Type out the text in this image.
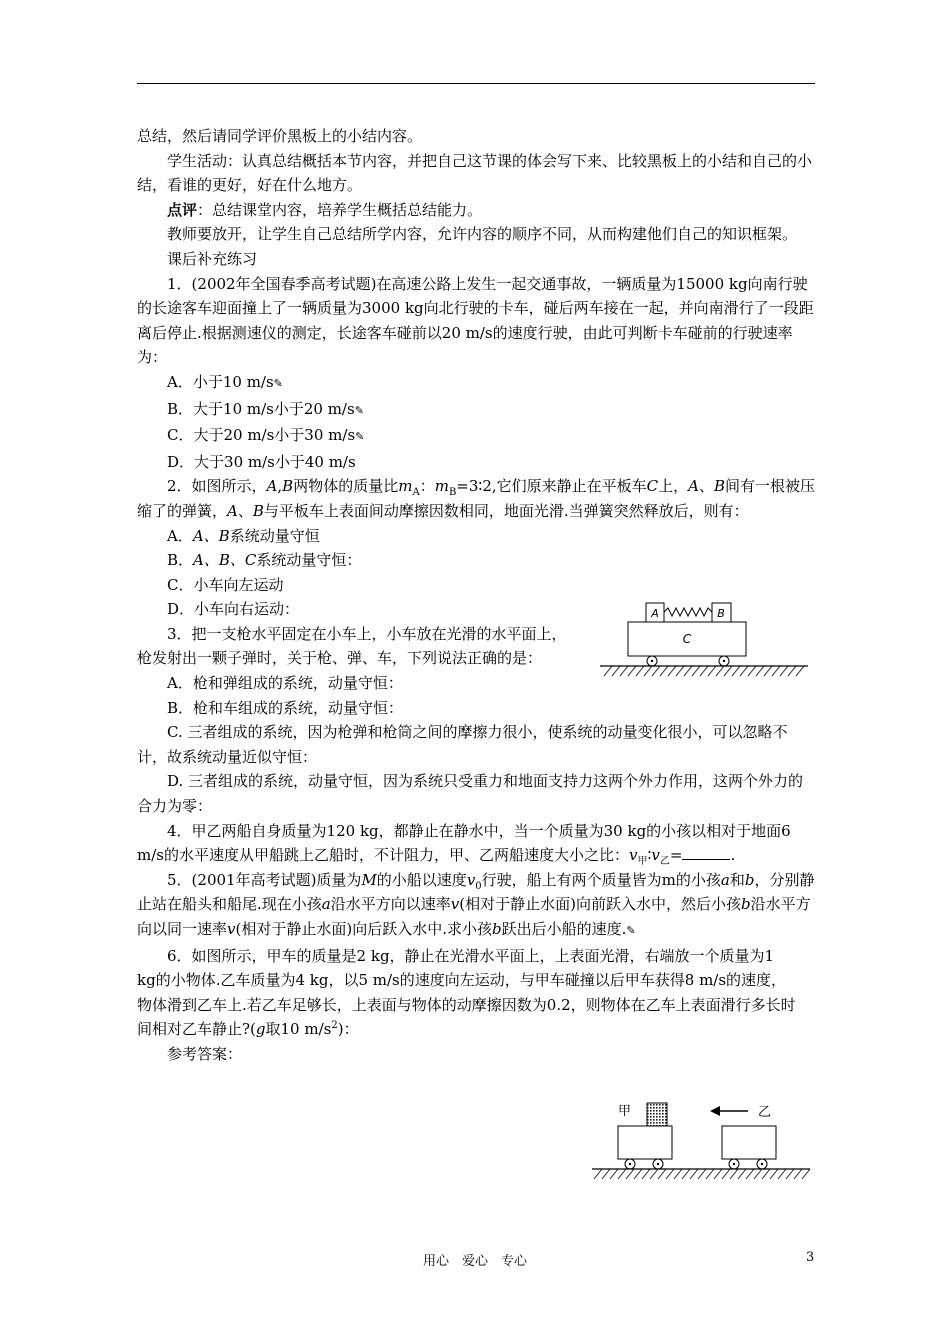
总结，然后请同学评价黑板上的小结内容。

学生活动：认真总结概括本节内容，并把自己这节课的体会写下来、比较黑板上的小结和自己的小结，看谁的更好，好在什么地方。

点评：总结课堂内容，培养学生概括总结能力。

教师要放开，让学生自己总结所学内容，允许内容的顺序不同，从而构建他们自己的知识框架。

课后补充练习

1．(2002年全国春季高考试题)在高速公路上发生一起交通事故，一辆质量为15000 kg向南行驶的长途客车迎面撞上了一辆质量为3000 kg向北行驶的卡车，碰后两车接在一起，并向南滑行了一段距离后停止.根据测速仪的测定，长途客车碰前以20 m/s的速度行驶，由此可判断卡车碰前的行驶速率为：

A．小于10 m/s✎

B．大于10 m/s小于20 m/s✎

C．大于20 m/s小于30 m/s✎

D．大于30 m/s小于40 m/s

2．如图所示，A,B两物体的质量比$m_A$：$m_B=3∶2$,它们原来静止在平板车C上，A、B间有一根被压缩了的弹簧，A、B与平板车上表面间动摩擦因数相同，地面光滑.当弹簧突然释放后，则有：

A．A、B系统动量守恒

B．A、B、C系统动量守恒：

C．小车向左运动

D．小车向右运动：

3．把一支枪水平固定在小车上，小车放在光滑的水平面上，枪发射出一颗子弹时，关于枪、弹、车，下列说法正确的是：

A．枪和弹组成的系统，动量守恒：

B．枪和车组成的系统，动量守恒：

C. 三者组成的系统，因为枪弹和枪筒之间的摩擦力很小，使系统的动量变化很小，可以忽略不计，故系统动量近似守恒：

D. 三者组成的系统，动量守恒，因为系统只受重力和地面支持力这两个外力作用，这两个外力的合力为零：

4．甲乙两船自身质量为120 kg，都静止在静水中，当一个质量为30 kg的小孩以相对于地面6 m/s的水平速度从甲船跳上乙船时，不计阻力，甲、乙两船速度大小之比：$v_甲∶v_乙=$	.

5．(2001年高考试题)质量为M的小船以速度$v_0$行驶，船上有两个质量皆为m的小孩a和b，分别静止站在船头和船尾.现在小孩a沿水平方向以速率v(相对于静止水面)向前跃入水中，然后小孩b沿水平方向以同一速率v(相对于静止水面)向后跃入水中.求小孩b跃出后小船的速度.✎

6．如图所示，甲车的质量是2 kg，静止在光滑水平面上，上表面光滑，右端放一个质量为1 kg的小物体.乙车质量为4 kg，以5 m/s的速度向左运动，与甲车碰撞以后甲车获得8 m/s的速度，物体滑到乙车上.若乙车足够长，上表面与物体的动摩擦因数为0.2，则物体在乙车上表面滑行多长时间相对乙车静止?(g取10 $m/s^2$)：

参考答案：

A	B
C
甲	乙
用心　爱心　专心	3
